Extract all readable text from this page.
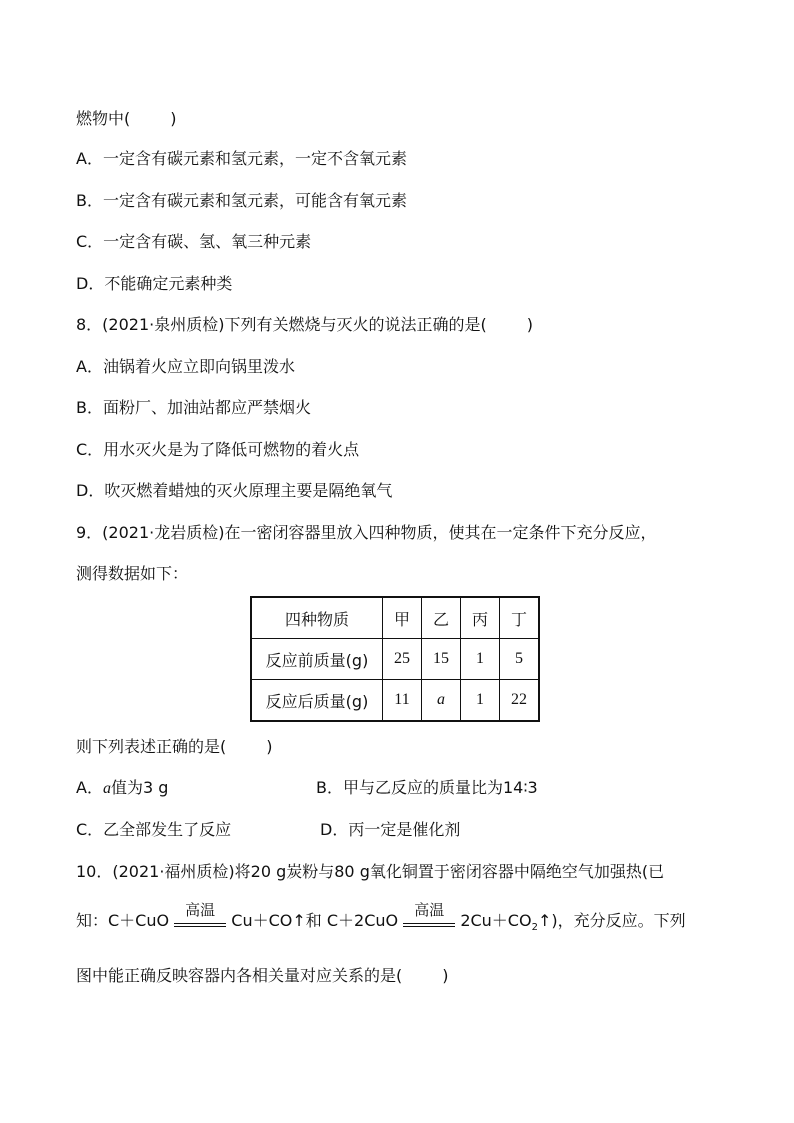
燃物中(	)
A．一定含有碳元素和氢元素，一定不含氧元素
B．一定含有碳元素和氢元素，可能含有氧元素
C．一定含有碳、氢、氧三种元素
D．不能确定元素种类
8．(2021·泉州质检)下列有关燃烧与灭火的说法正确的是(	)
A．油锅着火应立即向锅里泼水
B．面粉厂、加油站都应严禁烟火
C．用水灭火是为了降低可燃物的着火点
D．吹灭燃着蜡烛的灭火原理主要是隔绝氧气
9．(2021·龙岩质检)在一密闭容器里放入四种物质，使其在一定条件下充分反应，
测得数据如下：
四种物质	甲	乙	丙	丁
反应前质量(g)	25	15	1	5
反应后质量(g)	11	a	1	22
则下列表述正确的是(	)
A．a值为3 g	B．甲与乙反应的质量比为14∶3
C．乙全部发生了反应	D．丙一定是催化剂
10．(2021·福州质检)将20 g炭粉与80 g氧化铜置于密闭容器中隔绝空气加强热(已
知：C＋CuO
高温
Cu＋CO↑和 C＋2CuO
高温
$2Cu+CO_2↑$)，充分反应。下列
图中能正确反映容器内各相关量对应关系的是(	)
